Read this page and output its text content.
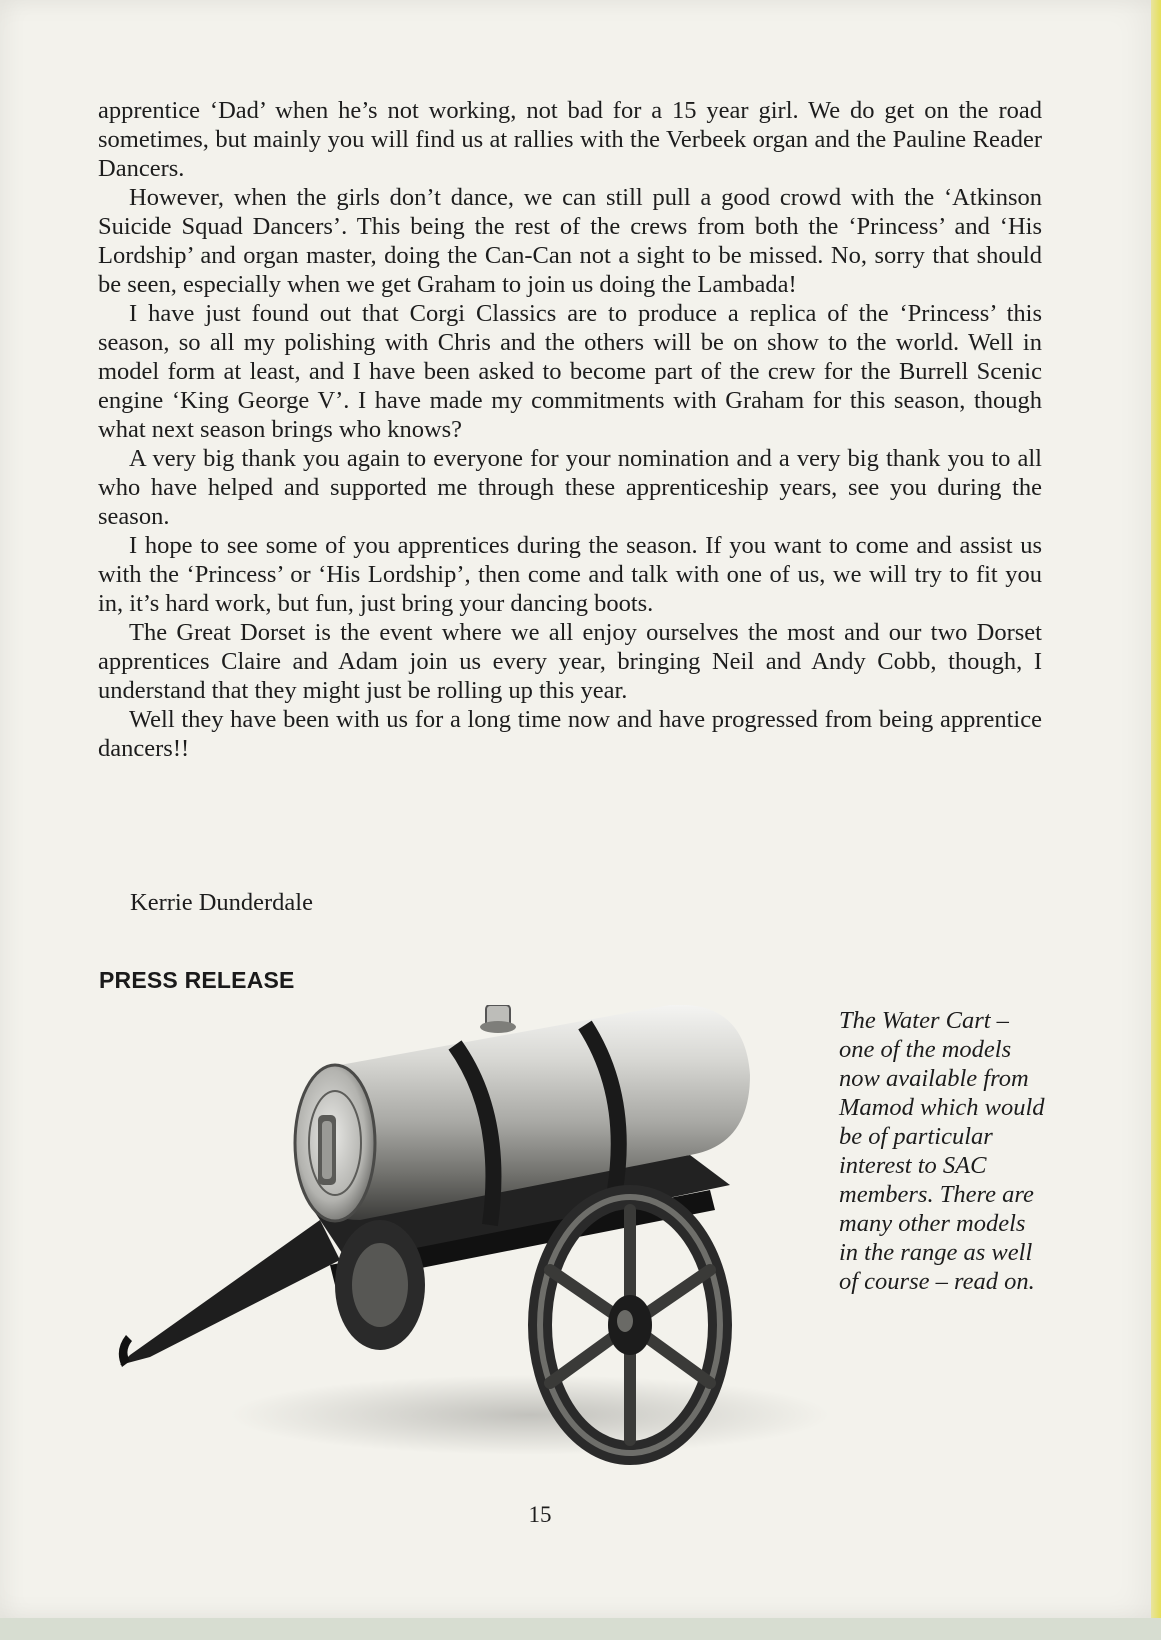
apprentice ‘Dad’ when he’s not working, not bad for a 15 year girl. We do get on the road sometimes, but mainly you will find us at rallies with the Verbeek organ and the Pauline Reader Dancers.

However, when the girls don’t dance, we can still pull a good crowd with the ‘Atkinson Suicide Squad Dancers’. This being the rest of the crews from both the ‘Princess’ and ‘His Lordship’ and organ master, doing the Can-Can not a sight to be missed. No, sorry that should be seen, especially when we get Graham to join us doing the Lambada!

I have just found out that Corgi Classics are to produce a replica of the ‘Princess’ this season, so all my polishing with Chris and the others will be on show to the world. Well in model form at least, and I have been asked to become part of the crew for the Burrell Scenic engine ‘King George V’. I have made my commitments with Graham for this season, though what next season brings who knows?

A very big thank you again to everyone for your nomination and a very big thank you to all who have helped and supported me through these apprenticeship years, see you during the season.

I hope to see some of you apprentices during the season. If you want to come and assist us with the ‘Princess’ or ‘His Lordship’, then come and talk with one of us, we will try to fit you in, it’s hard work, but fun, just bring your dancing boots.

The Great Dorset is the event where we all enjoy ourselves the most and our two Dorset apprentices Claire and Adam join us every year, bringing Neil and Andy Cobb, though, I understand that they might just be rolling up this year.

Well they have been with us for a long time now and have progressed from being apprentice dancers!!

Kerrie Dunderdale
PRESS RELEASE
The Water Cart – one of the models now available from Mamod which would be of particular interest to SAC members. There are many other models in the range as well of course – read on.
15
